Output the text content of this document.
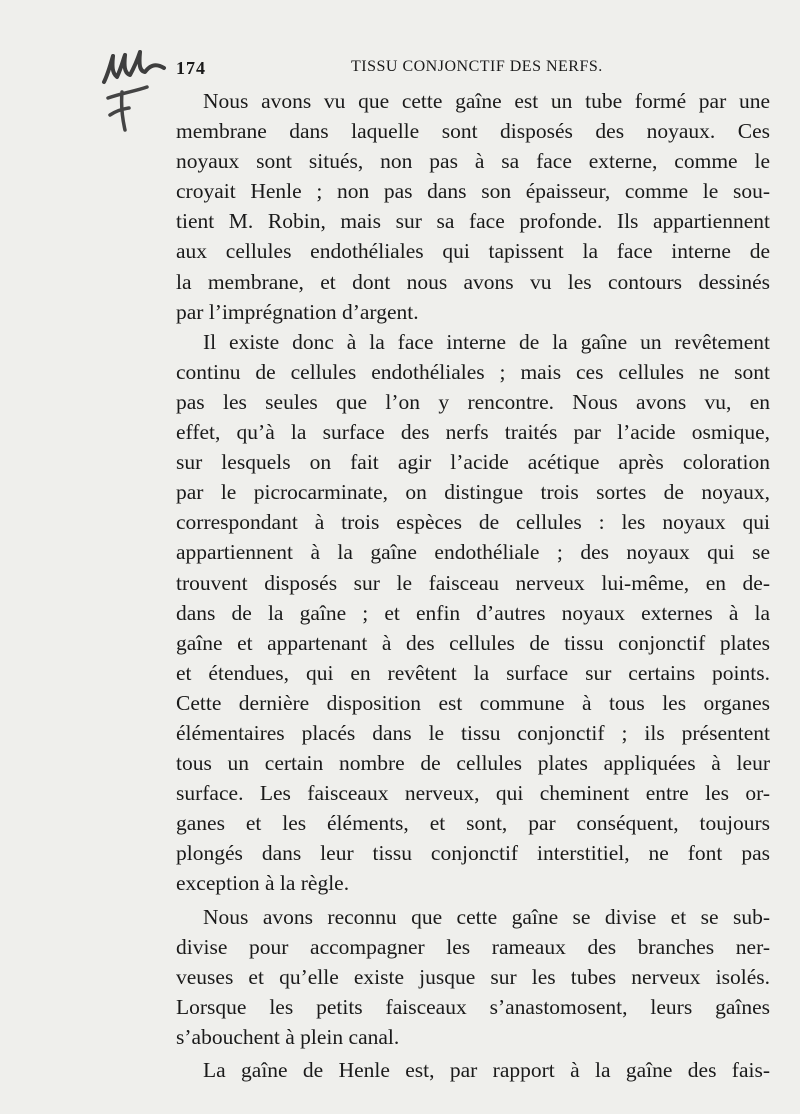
174	TISSU CONJONCTIF DES NERFS.
Nous avons vu que cette gaîne est un tube formé par une
membrane dans laquelle sont disposés des noyaux. Ces
noyaux sont situés, non pas à sa face externe, comme le
croyait Henle ; non pas dans son épaisseur, comme le sou-
tient M. Robin, mais sur sa face profonde. Ils appartiennent
aux cellules endothéliales qui tapissent la face interne de
la membrane, et dont nous avons vu les contours dessinés
par l’imprégnation d’argent.
Il existe donc à la face interne de la gaîne un revêtement
continu de cellules endothéliales ; mais ces cellules ne sont
pas les seules que l’on y rencontre. Nous avons vu, en
effet, qu’à la surface des nerfs traités par l’acide osmique,
sur lesquels on fait agir l’acide acétique après coloration
par le picrocarminate, on distingue trois sortes de noyaux,
correspondant à trois espèces de cellules : les noyaux qui
appartiennent à la gaîne endothéliale ; des noyaux qui se
trouvent disposés sur le faisceau nerveux lui-même, en de-
dans de la gaîne ; et enfin d’autres noyaux externes à la
gaîne et appartenant à des cellules de tissu conjonctif plates
et étendues, qui en revêtent la surface sur certains points.
Cette dernière disposition est commune à tous les organes
élémentaires placés dans le tissu conjonctif ; ils présentent
tous un certain nombre de cellules plates appliquées à leur
surface. Les faisceaux nerveux, qui cheminent entre les or-
ganes et les éléments, et sont, par conséquent, toujours
plongés dans leur tissu conjonctif interstitiel, ne font pas
exception à la règle.
Nous avons reconnu que cette gaîne se divise et se sub-
divise pour accompagner les rameaux des branches ner-
veuses et qu’elle existe jusque sur les tubes nerveux isolés.
Lorsque les petits faisceaux s’anastomosent, leurs gaînes
s’abouchent à plein canal.
La gaîne de Henle est, par rapport à la gaîne des fais-
